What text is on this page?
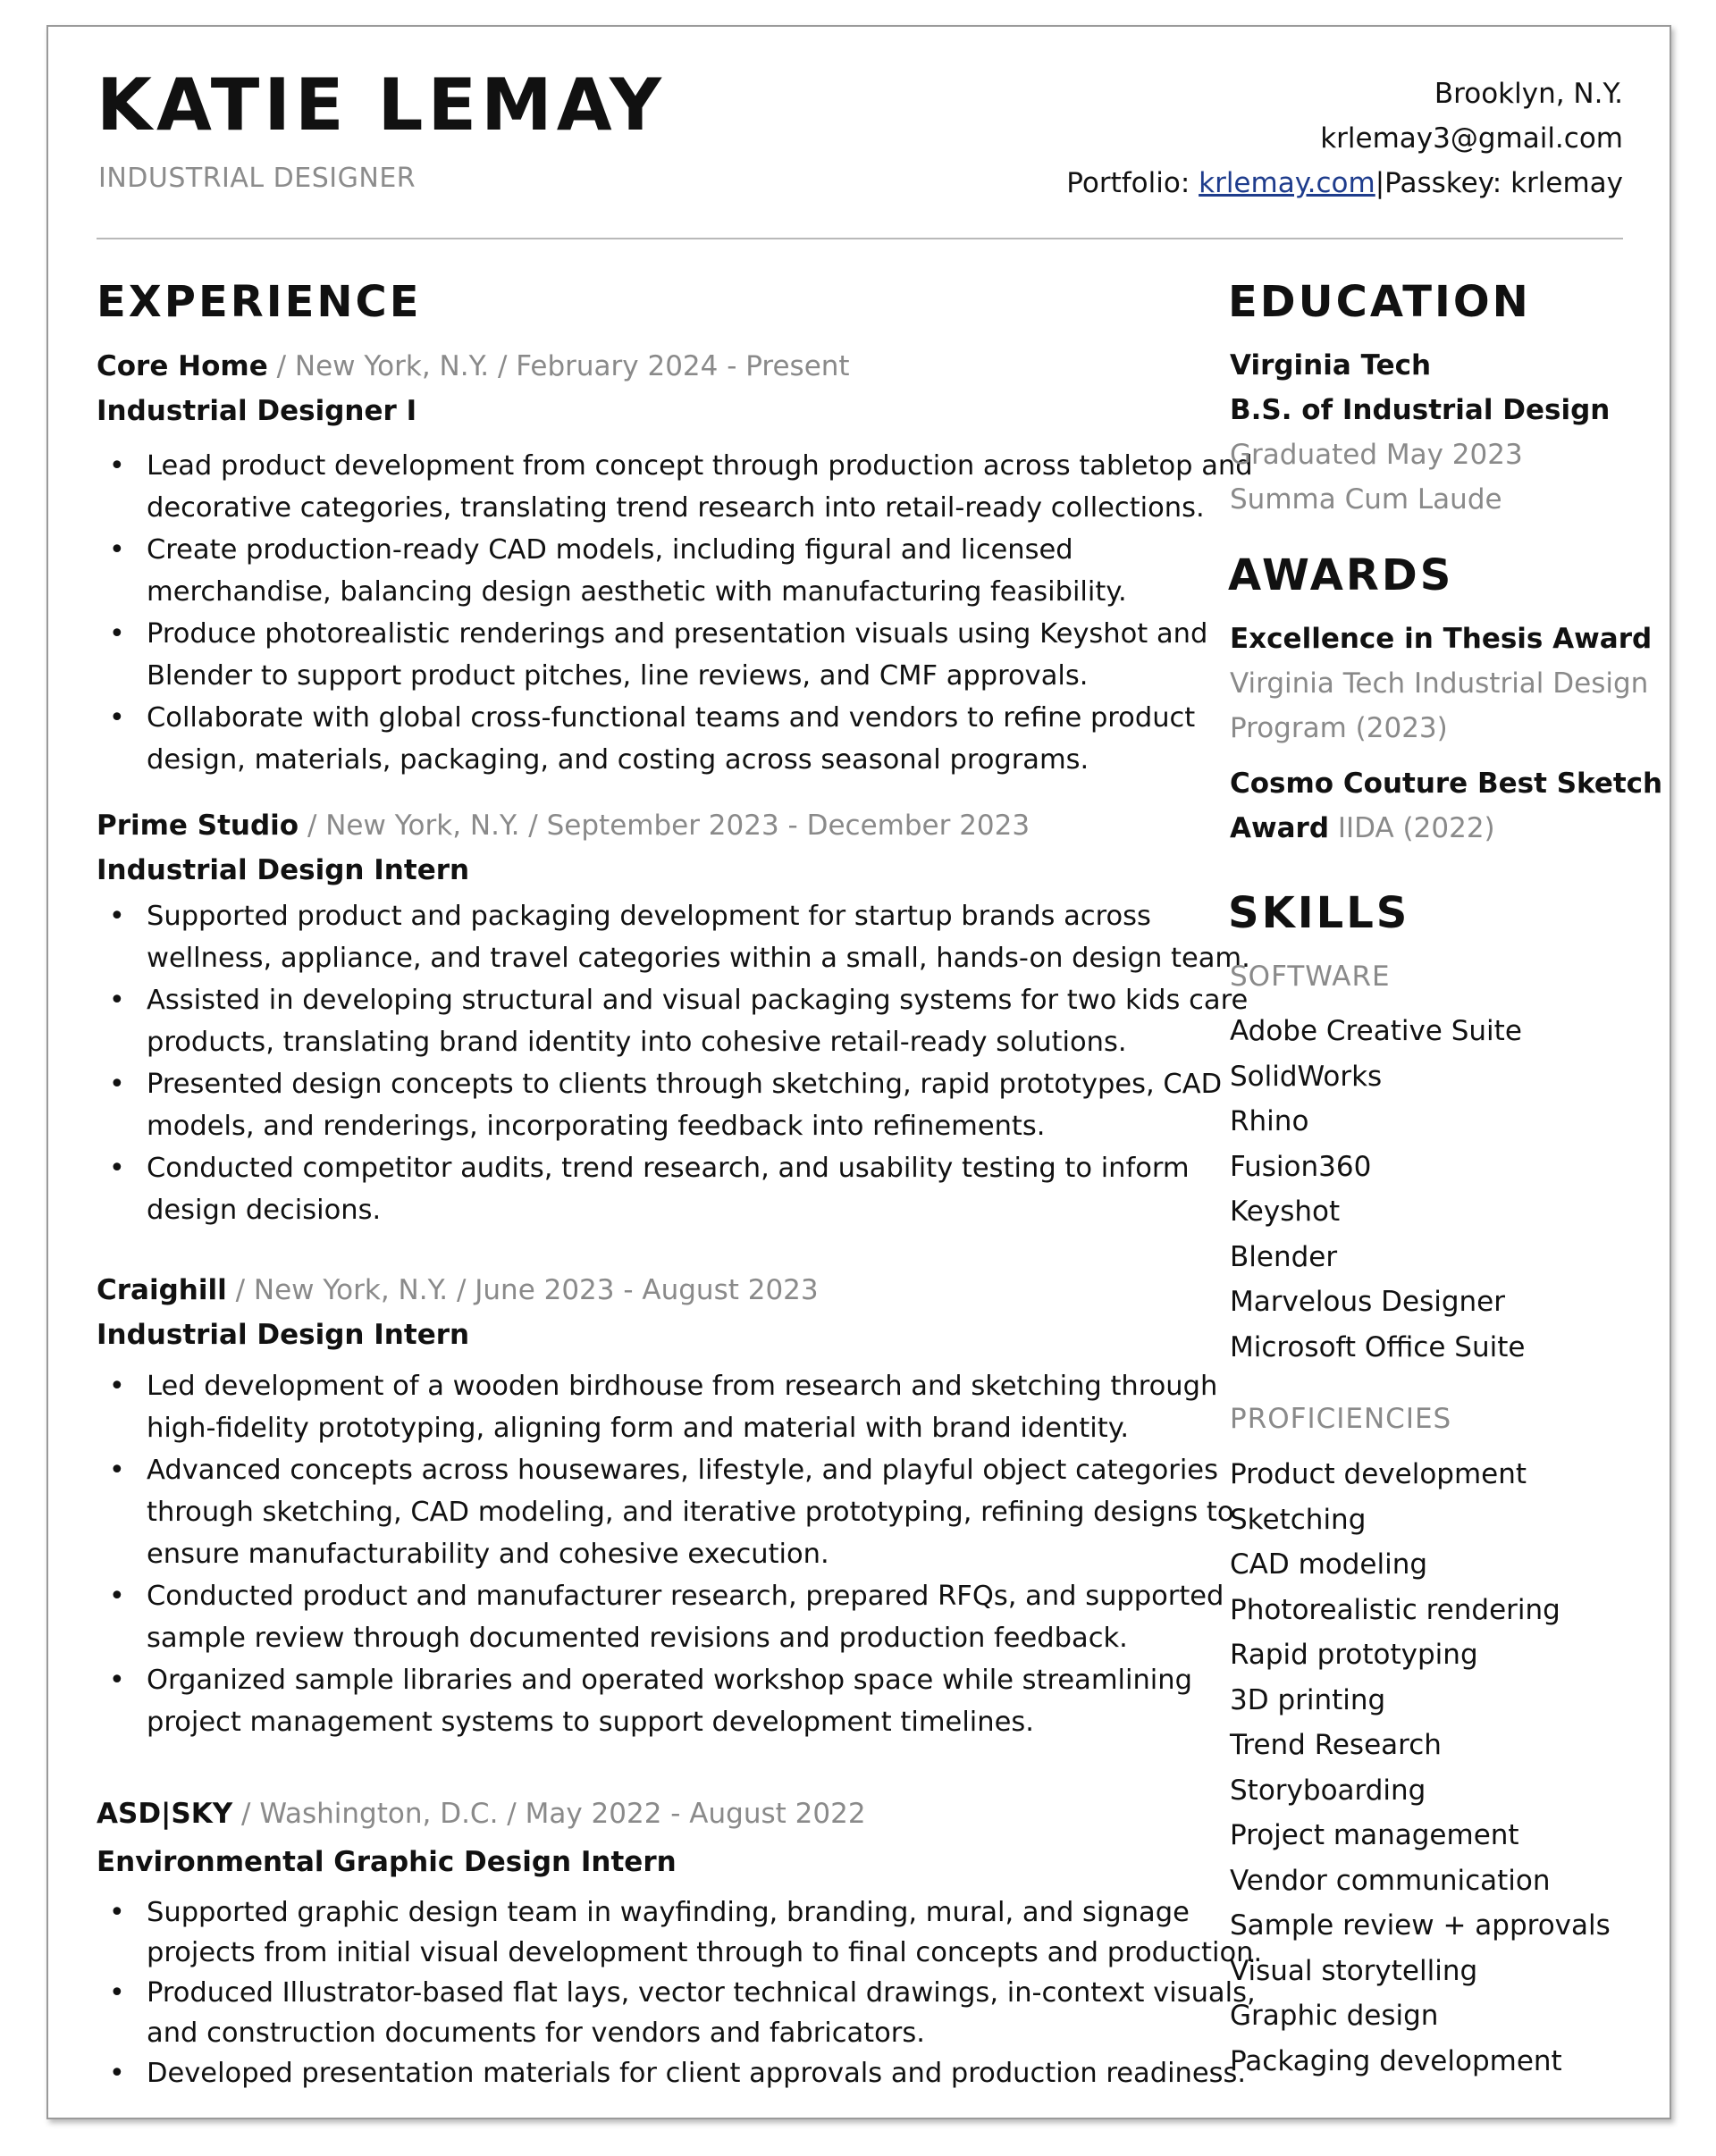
KATIE LEMAY
INDUSTRIAL DESIGNER
Brooklyn, N.Y.
krlemay3@gmail.com
Portfolio: krlemay.com|Passkey: krlemay
EXPERIENCE
Core Home / New York, N.Y. / February 2024 - Present
Industrial Designer I
• Lead product development from concept through production across tabletop and
decorative categories, translating trend research into retail-ready collections.
• Create production-ready CAD models, including figural and licensed
merchandise, balancing design aesthetic with manufacturing feasibility.
• Produce photorealistic renderings and presentation visuals using Keyshot and
Blender to support product pitches, line reviews, and CMF approvals.
• Collaborate with global cross-functional teams and vendors to refine product
design, materials, packaging, and costing across seasonal programs.
Prime Studio / New York, N.Y. / September 2023 - December 2023
Industrial Design Intern
• Supported product and packaging development for startup brands across
wellness, appliance, and travel categories within a small, hands-on design team.
• Assisted in developing structural and visual packaging systems for two kids care
products, translating brand identity into cohesive retail-ready solutions.
• Presented design concepts to clients through sketching, rapid prototypes, CAD
models, and renderings, incorporating feedback into refinements.
• Conducted competitor audits, trend research, and usability testing to inform
design decisions.
Craighill / New York, N.Y. / June 2023 - August 2023
Industrial Design Intern
• Led development of a wooden birdhouse from research and sketching through
high-fidelity prototyping, aligning form and material with brand identity.
• Advanced concepts across housewares, lifestyle, and playful object categories
through sketching, CAD modeling, and iterative prototyping, refining designs to
ensure manufacturability and cohesive execution.
• Conducted product and manufacturer research, prepared RFQs, and supported
sample review through documented revisions and production feedback.
• Organized sample libraries and operated workshop space while streamlining
project management systems to support development timelines.
ASD|SKY / Washington, D.C. / May 2022 - August 2022
Environmental Graphic Design Intern
• Supported graphic design team in wayfinding, branding, mural, and signage
projects from initial visual development through to final concepts and production.
• Produced Illustrator-based flat lays, vector technical drawings, in-context visuals,
and construction documents for vendors and fabricators.
• Developed presentation materials for client approvals and production readiness.
EDUCATION
Virginia Tech
B.S. of Industrial Design
Graduated May 2023
Summa Cum Laude
AWARDS
Excellence in Thesis Award
Virginia Tech Industrial Design
Program (2023)
Cosmo Couture Best Sketch
Award IIDA (2022)
SKILLS
SOFTWARE
Adobe Creative Suite
SolidWorks
Rhino
Fusion360
Keyshot
Blender
Marvelous Designer
Microsoft Office Suite
PROFICIENCIES
Product development
Sketching
CAD modeling
Photorealistic rendering
Rapid prototyping
3D printing
Trend Research
Storyboarding
Project management
Vendor communication
Sample review + approvals
Visual storytelling
Graphic design
Packaging development
